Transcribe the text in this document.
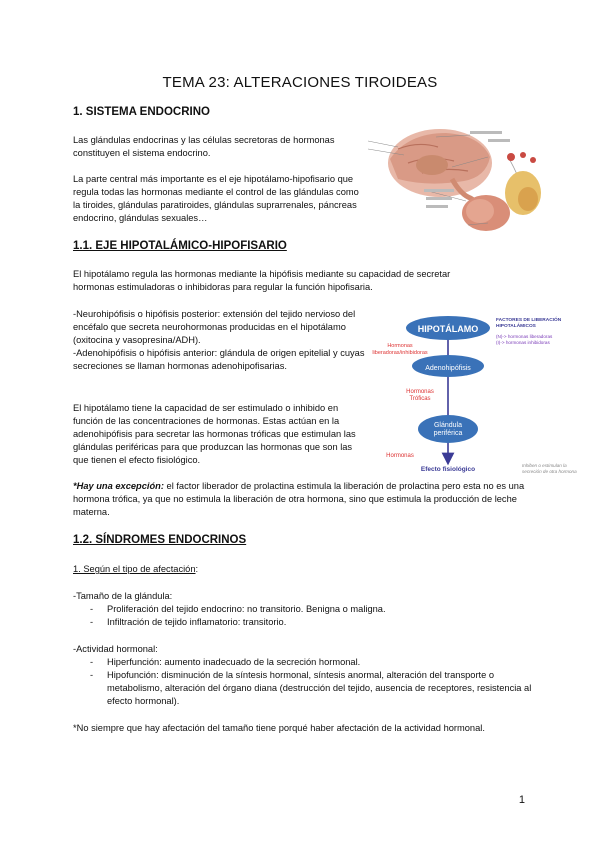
TEMA 23: ALTERACIONES TIROIDEAS
1. SISTEMA ENDOCRINO

Las glándulas endocrinas y las células secretoras de hormonas constituyen el sistema endocrino.

La parte central más importante es el eje hipotálamo-hipofisario que regula todas las hormonas mediante el control de las glándulas como la tiroides, glándulas paratiroides, glándulas suprarrenales, páncreas endocrino, glándulas sexuales…

1.1. EJE HIPOTALÁMICO-HIPOFISARIO

El hipotálamo regula las hormonas mediante la hipófisis mediante su capacidad de secretar hormonas estimuladoras o inhibidoras para regular la función hipofisaria.

-Neurohipófisis o hipófisis posterior: extensión del tejido nervioso del encéfalo que secreta neurohormonas producidas en el hipotálamo (oxitocina y vasopresina/ADH).

-Adenohipófisis o hipófisis anterior: glándula de origen epitelial y cuyas secreciones se llaman hormonas adenohipofisarias.

El hipotálamo tiene la capacidad de ser estimulado o inhibido en función de las concentraciones de hormonas. Estas actúan en la adenohipófisis para secretar las hormonas tróficas que estimulan las glándulas periféricas para que produzcan las hormonas que son las que tienen el efecto fisiológico.

*Hay una excepción: el factor liberador de prolactina estimula la liberación de prolactina pero esta no es una hormona trófica, ya que no estimula la liberación de otra hormona, sino que estimula la producción de leche materna.

HIPOTÁLAMO
Hormonas
liberadoras/inhibidoras
Adenohipófisis
Hormonas
Tróficas
Glándula
periférica
Hormonas
Efecto fisiológico
FACTORES DE LIBERACIÓN
HIPOTALÁMICOS
(N)-> hormonas liberadoras
(I)-> hormonas inhibidoras
Inhiben o estimulan la
secreción de otra hormona
1.2. SÍNDROMES ENDOCRINOS

1. Según el tipo de afectación:

-Tamaño de la glándula:

- Proliferación del tejido endocrino: no transitorio. Benigna o maligna.
- Infiltración de tejido inflamatorio: transitorio.

-Actividad hormonal:

- Hiperfunción: aumento inadecuado de la secreción hormonal.
- Hipofunción: disminución de la síntesis hormonal, síntesis anormal, alteración del transporte o metabolismo, alteración del órgano diana (destrucción del tejido, ausencia de receptores, resistencia al efecto hormonal).

*No siempre que hay afectación del tamaño tiene porqué haber afectación de la actividad hormonal.

1
